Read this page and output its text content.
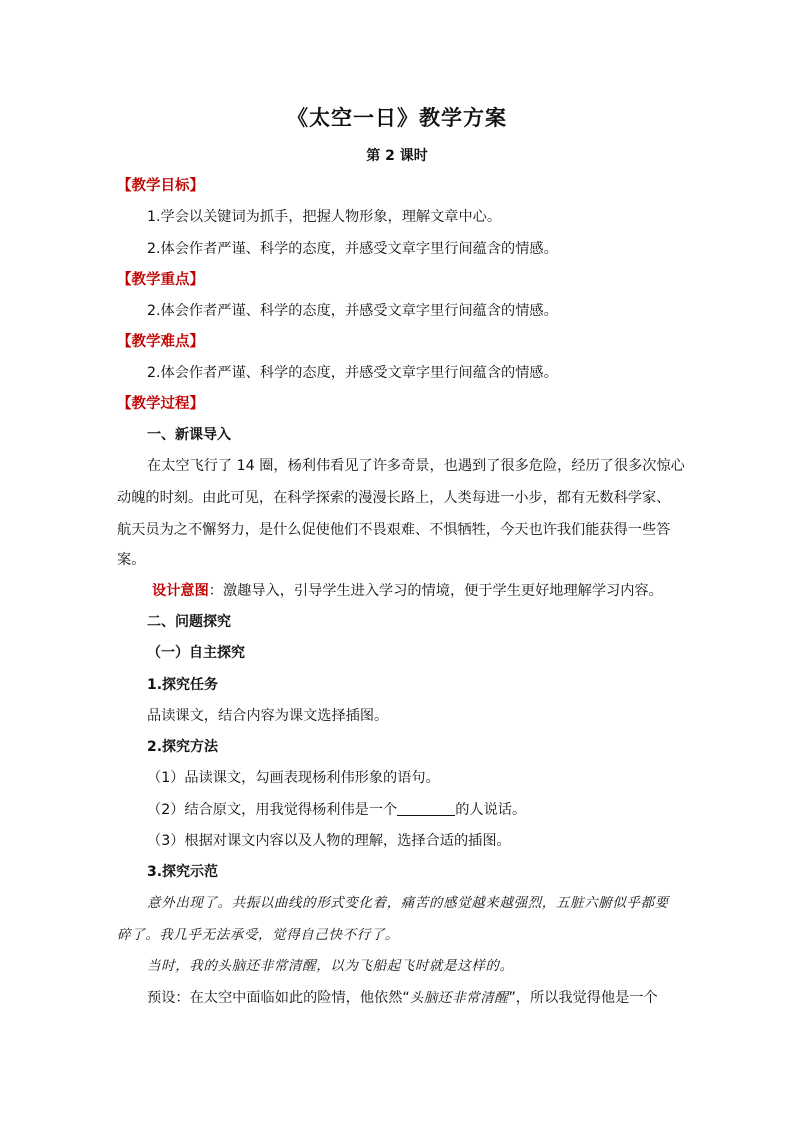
《太空一日》教学方案
第 2 课时
【教学目标】
1.学会以关键词为抓手，把握人物形象，理解文章中心。
2.体会作者严谨、科学的态度，并感受文章字里行间蕴含的情感。
【教学重点】
2.体会作者严谨、科学的态度，并感受文章字里行间蕴含的情感。
【教学难点】
2.体会作者严谨、科学的态度，并感受文章字里行间蕴含的情感。
【教学过程】
一、新课导入
在太空飞行了 14 圈，杨利伟看见了许多奇景，也遇到了很多危险，经历了很多次惊心
动魄的时刻。由此可见，在科学探索的漫漫长路上，人类每进一小步，都有无数科学家、
航天员为之不懈努力，是什么促使他们不畏艰难、不惧牺牲，今天也许我们能获得一些答
案。
设计意图：激趣导入，引导学生进入学习的情境，便于学生更好地理解学习内容。
二、问题探究
（一）自主探究
1.探究任务
品读课文，结合内容为课文选择插图。
2.探究方法
（1）品读课文，勾画表现杨利伟形象的语句。
（2）结合原文，用我觉得杨利伟是一个	的人说话。
（3）根据对课文内容以及人物的理解，选择合适的插图。
3.探究示范
意外出现了。共振以曲线的形式变化着，痛苦的感觉越来越强烈，五脏六腑似乎都要
碎了。我几乎无法承受，觉得自己快不行了。
当时，我的头脑还非常清醒，以为飞船起飞时就是这样的。
预设：在太空中面临如此的险情，他依然“头脑还非常清醒”，所以我觉得他是一个
